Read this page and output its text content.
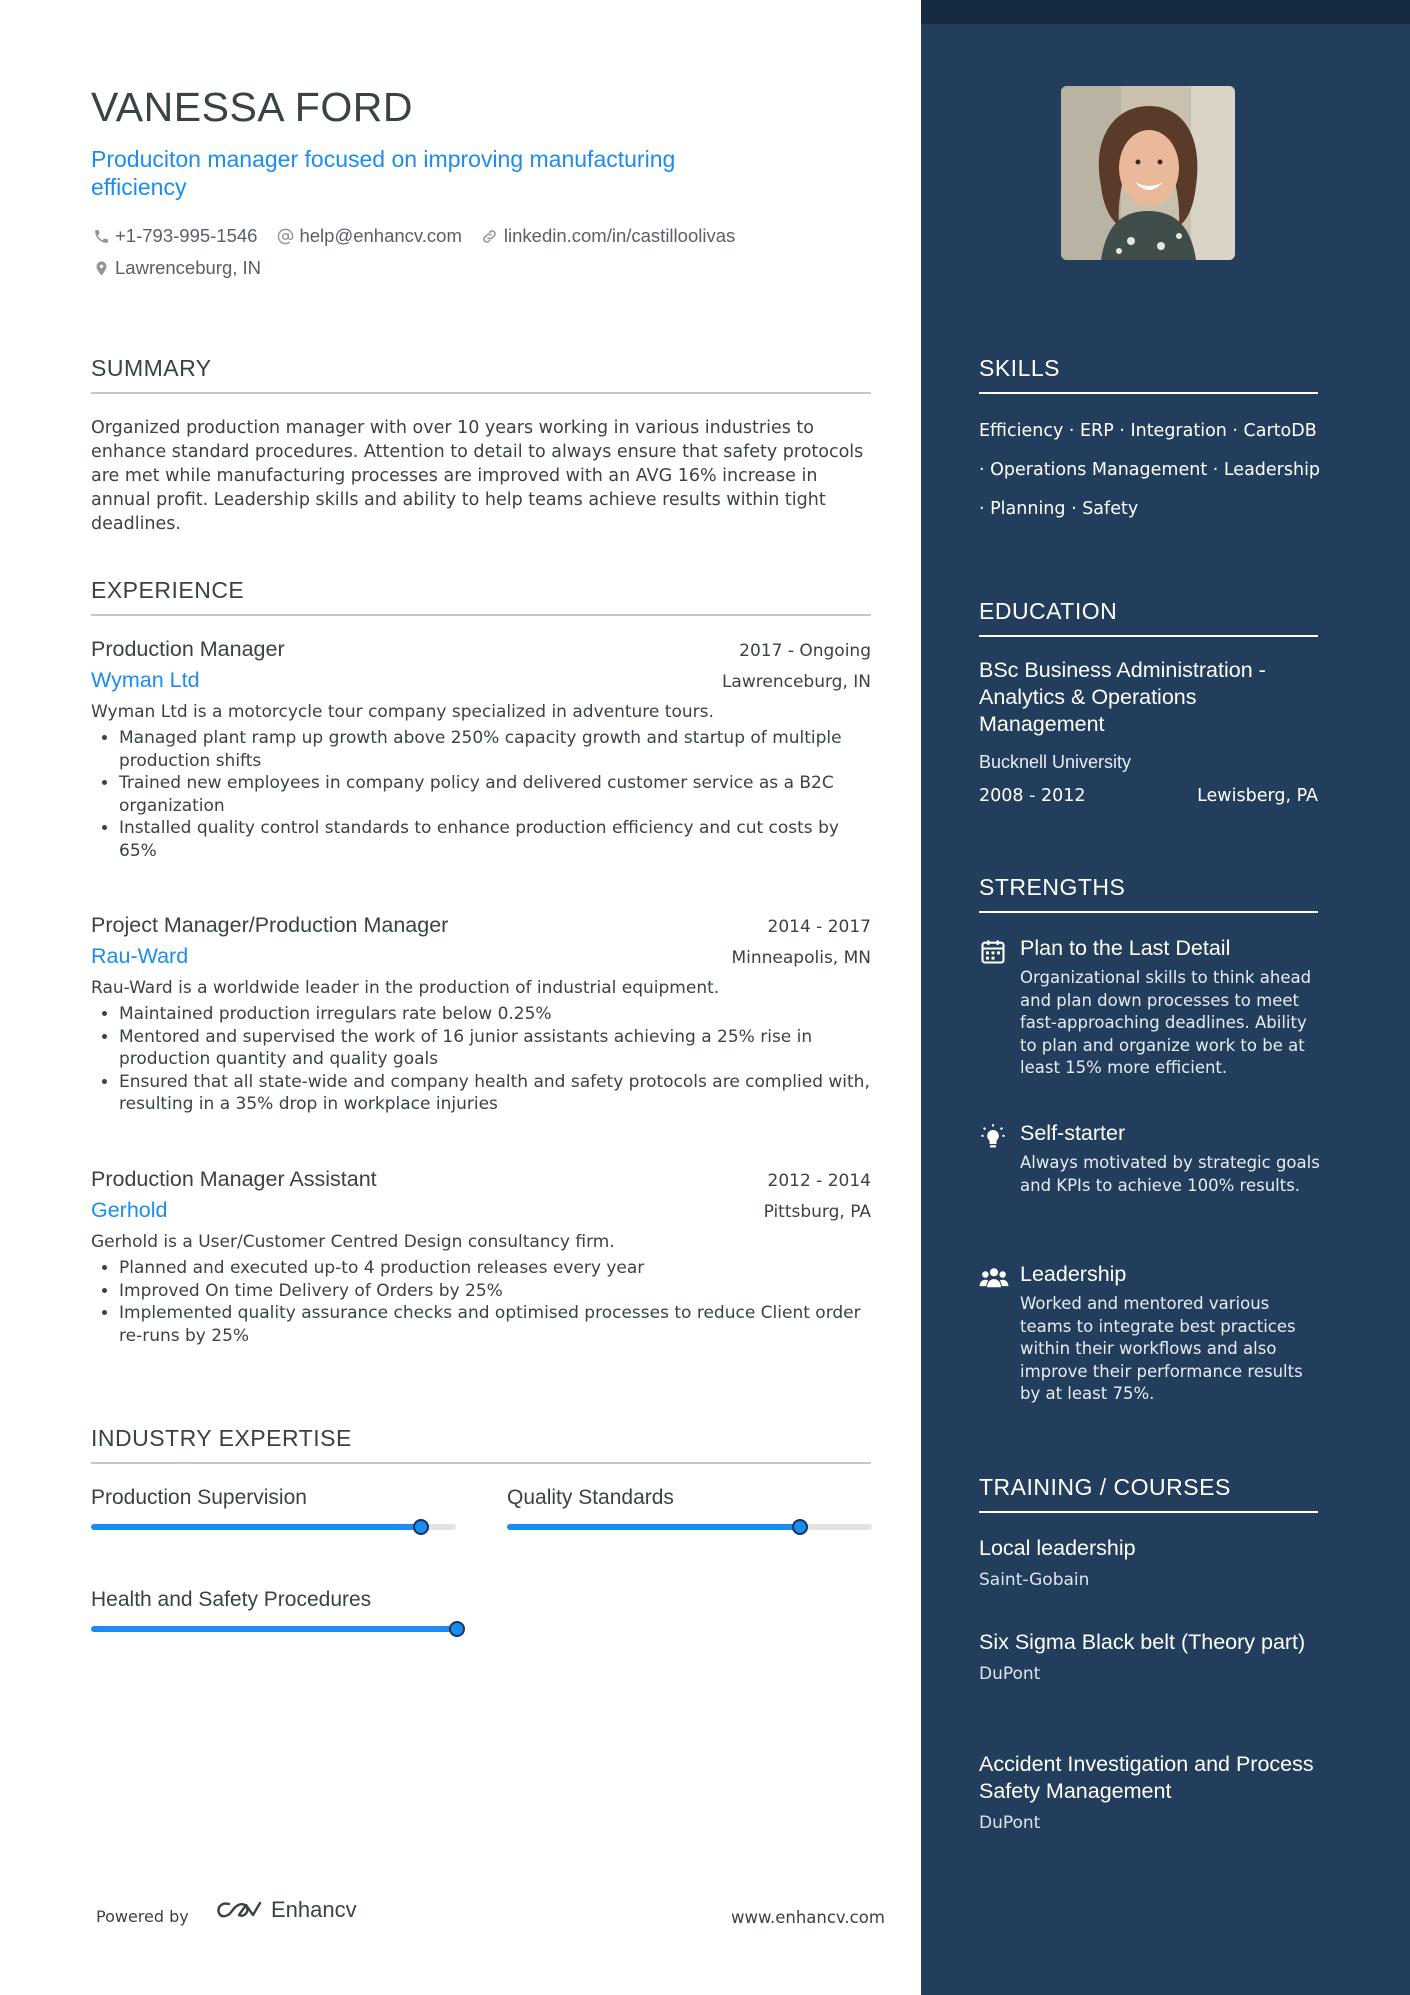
VANESSA FORD
Produciton manager focused on improving manufacturing efficiency
+1-793-995-1546 help@enhancv.com linkedin.com/in/castilloolivas
Lawrenceburg, IN
SUMMARY
Organized production manager with over 10 years working in various industries to enhance standard procedures. Attention to detail to always ensure that safety protocols are met while manufacturing processes are improved with an AVG 16% increase in annual profit. Leadership skills and ability to help teams achieve results within tight deadlines.
EXPERIENCE
Production Manager	2017 - Ongoing
Wyman Ltd	Lawrenceburg, IN
Wyman Ltd is a motorcycle tour company specialized in adventure tours.
• Managed plant ramp up growth above 250% capacity growth and startup of multiple production shifts
• Trained new employees in company policy and delivered customer service as a B2C organization
• Installed quality control standards to enhance production efficiency and cut costs by 65%
Project Manager/Production Manager	2014 - 2017
Rau-Ward	Minneapolis, MN
Rau-Ward is a worldwide leader in the production of industrial equipment.
• Maintained production irregulars rate below 0.25%
• Mentored and supervised the work of 16 junior assistants achieving a 25% rise in production quantity and quality goals
• Ensured that all state-wide and company health and safety protocols are complied with, resulting in a 35% drop in workplace injuries
Production Manager Assistant	2012 - 2014
Gerhold	Pittsburg, PA
Gerhold is a User/Customer Centred Design consultancy firm.
• Planned and executed up-to 4 production releases every year
• Improved On time Delivery of Orders by 25%
• Implemented quality assurance checks and optimised processes to reduce Client order re-runs by 25%
INDUSTRY EXPERTISE
Production Supervision	Quality Standards
Health and Safety Procedures
Powered by	Enhancv	www.enhancv.com
SKILLS
Efficiency · ERP · Integration · CartoDB · Operations Management · Leadership · Planning · Safety
EDUCATION
BSc Business Administration - Analytics & Operations Management
Bucknell University
2008 - 2012	Lewisberg, PA
STRENGTHS
Plan to the Last Detail
Organizational skills to think ahead and plan down processes to meet fast-approaching deadlines. Ability to plan and organize work to be at least 15% more efficient.
Self-starter
Always motivated by strategic goals and KPIs to achieve 100% results.
Leadership
Worked and mentored various teams to integrate best practices within their workflows and also improve their performance results by at least 75%.
TRAINING / COURSES
Local leadership
Saint-Gobain
Six Sigma Black belt (Theory part)
DuPont
Accident Investigation and Process Safety Management
DuPont
